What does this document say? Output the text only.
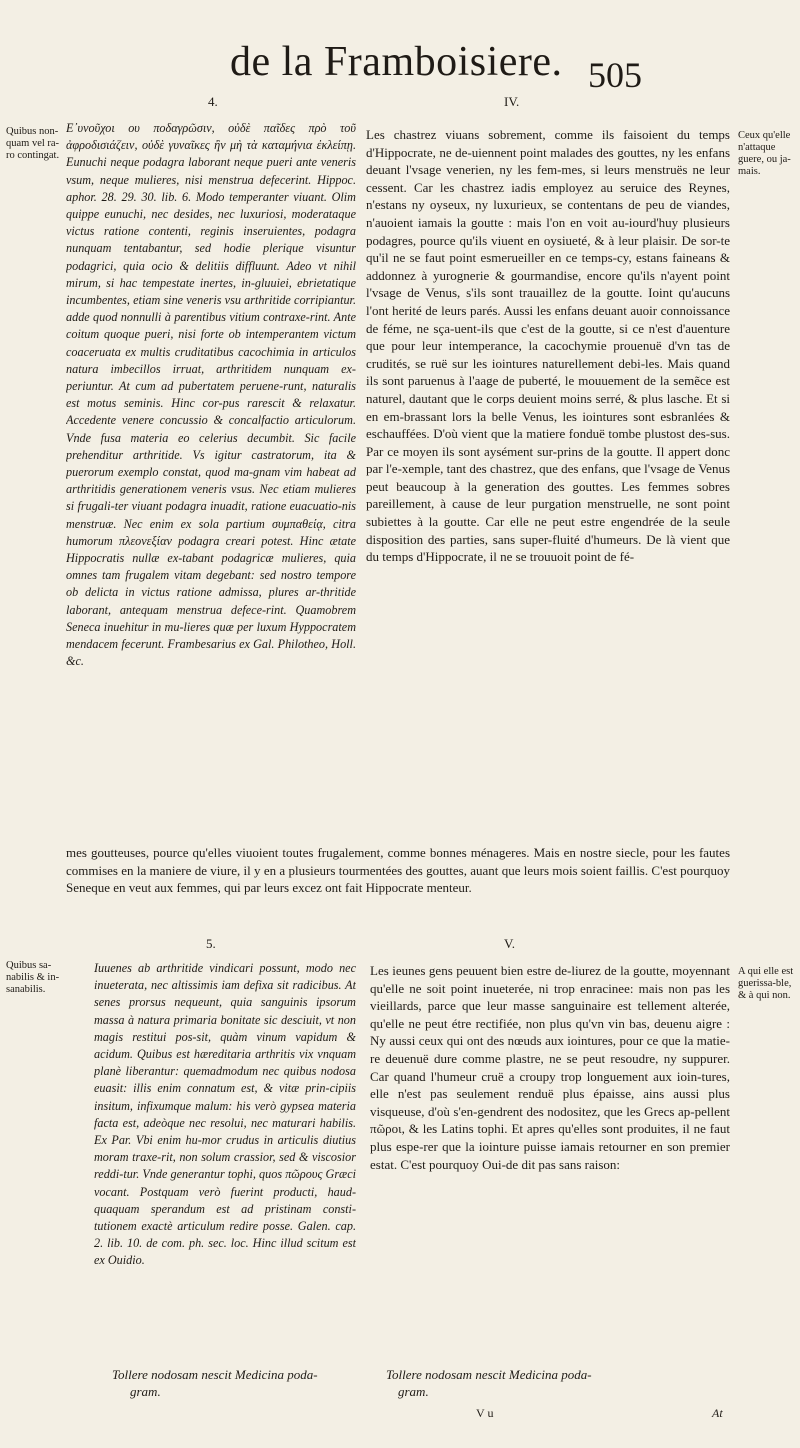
de la Framboisiere. 505
4.	IV.
Quibus non-quam vel ra-ro contingat.
Ceux qu'elle n'attaque guere, ou ja-mais.

Ε᾽υνοῦχοι ου ποδαγρῶσιν, οὐδὲ παῖδες πρὸ τοῦ ἀφροδισιάζειν, οὐδὲ γυναῖκες ἢν μὴ τὰ καταμήνια ἐκλείπῃ. Eunuchi neque podagra laborant neque pueri ante veneris vsum, neque mulieres, nisi menstrua defecerint. Hippoc. aphor. 28. 29. 30. lib. 6. Modo temperanter viuant. Olim quippe eunuchi, nec desides, nec luxuriosi, moderataque victus ratione contenti, reginis inseruientes, podagra nunquam tentabantur, sed hodie plerique visuntur podagrici, quia ocio & delitiis diffluunt. Adeo vt nihil mirum, si hac tempestate inertes, in-gluuiei, ebrietatique incumbentes, etiam sine veneris vsu arthritide corripiantur. adde quod nonnulli à parentibus vitium contraxe-rint. Ante coitum quoque pueri, nisi forte ob intemperantem victum coaceruata ex multis cruditatibus cacochimia in articulos natura imbecillos irruat, arthritidem nunquam ex-periuntur. At cum ad pubertatem peruene-runt, naturalis est motus seminis. Hinc cor-pus rarescit & relaxatur. Accedente venere concussio & concalfactio articulorum. Vnde fusa materia eo celerius decumbit. Sic facile prehenditur arthritide. Vs igitur castratorum, ita & puerorum exemplo constat, quod ma-gnam vim habeat ad arthritidis generationem veneris vsus. Nec etiam mulieres si frugali-ter viuant podagra inuadit, ratione euacuatio-nis menstruæ. Nec enim ex sola partium συμπαθείᾳ, citra humorum πλεονεξίαν podagra creari potest. Hinc ætate Hippocratis nullæ ex-tabant podagricæ mulieres, quia omnes tam frugalem vitam degebant: sed nostro tempore ob delicta in victus ratione admissa, plures ar-thritide laborant, antequam menstrua defece-rint. Quamobrem Seneca inuehitur in mu-lieres quæ per luxum Hyppocratem mendacem fecerunt. Frambesarius ex Gal. Philotheo, Holl. &c.

Les chastrez viuans sobrement, comme ils faisoient du temps d'Hippocrate, ne de-uiennent point malades des gouttes, ny les enfans deuant l'vsage venerien, ny les fem-mes, si leurs menstruës ne leur cessent. Car les chastrez iadis employez au seruice des Reynes, n'estans ny oyseux, ny luxurieux, se contentans de peu de viandes, n'auoient iamais la goutte : mais l'on en voit au-iourd'huy plusieurs podagres, pource qu'ils viuent en oysiueté, & à leur plaisir. De sor-te qu'il ne se faut point esmerueiller en ce temps-cy, estans faineans & addonnez à yurognerie & gourmandise, encore qu'ils n'ayent point l'vsage de Venus, s'ils sont trauaillez de la goutte. Ioint qu'aucuns l'ont herité de leurs parés. Aussi les enfans deuant auoir connoissance de féme, ne sça-uent-ils que c'est de la goutte, si ce n'est d'auenture que pour leur intemperance, la cacochymie prouenuë d'vn tas de crudités, se ruë sur les iointures naturellement debi-les. Mais quand ils sont paruenus à l'aage de puberté, le mouuement de la semẽce est naturel, dautant que le corps deuient moins serré, & plus lasche. Et si en em-brassant lors la belle Venus, les iointures sont esbranlées & eschauffées. D'où vient que la matiere fonduë tombe plustost des-sus. Par ce moyen ils sont aysément sur-prins de la goutte. Il appert donc par l'e-xemple, tant des chastrez, que des enfans, que l'vsage de Venus peut beaucoup à la generation des gouttes. Les femmes sobres pareillement, à cause de leur purgation menstruelle, ne sont point subiettes à la goutte. Car elle ne peut estre engendrée de la seule disposition des parties, sans super-fluité d'humeurs. De là vient que du temps d'Hippocrate, il ne se trouuoit point de fé-

mes goutteuses, pource qu'elles viuoient toutes frugalement, comme bonnes ménageres. Mais en nostre siecle, pour les fautes commises en la maniere de viure, il y en a plusieurs tourmentées des gouttes, auant que leurs mois soient faillis. C'est pourquoy Seneque en veut aux femmes, qui par leurs excez ont fait Hippocrate menteur.

5.	V.
Quibus sa-nabilis & in-sanabilis.
A qui elle est guerissa-ble, & à qui non.

Iuuenes ab arthritide vindicari possunt, modo nec inueterata, nec altissimis iam defixa sit radicibus. At senes prorsus nequeunt, quia sanguinis ipsorum massa à natura primaria bonitate sic desciuit, vt non magis restitui pos-sit, quàm vinum vapidum & acidum. Quibus est hæreditaria arthritis vix vnquam planè liberantur: quemadmodum nec quibus nodosa euasit: illis enim connatum est, & vitæ prin-cipiis insitum, infixumque malum: his verò gypsea materia facta est, adeòque nec resolui, nec maturari habilis. Ex Par. Vbi enim hu-mor crudus in articulis diutius moram traxe-rit, non solum crassior, sed & viscosior reddi-tur. Vnde generantur tophi, quos πῶρους Græci vocant. Postquam verò fuerint producti, haud-quaquam sperandum est ad pristinam consti-tutionem exactè articulum redire posse. Galen. cap. 2. lib. 10. de com. ph. sec. loc. Hinc illud scitum est ex Ouidio.

Tollere nodosam nescit Medicina poda-
gram.

Les ieunes gens peuuent bien estre de-liurez de la goutte, moyennant qu'elle ne soit point inueterée, ni trop enracinee: mais non pas les vieillards, parce que leur masse sanguinaire est tellement alterée, qu'elle ne peut étre rectifiée, non plus qu'vn vin bas, deuenu aigre : Ny aussi ceux qui ont des nœuds aux iointures, pour ce que la matie-re deuenuë dure comme plastre, ne se peut resoudre, ny suppurer. Car quand l'humeur cruë a croupy trop longuement aux ioin-tures, elle n'est pas seulement renduë plus épaisse, ains aussi plus visqueuse, d'où s'en-gendrent des nodositez, que les Grecs ap-pellent πῶροι, & les Latins tophi. Et apres qu'elles sont produites, il ne faut plus espe-rer que la iointure puisse iamais retourner en son premier estat. C'est pourquoy Oui-de dit pas sans raison:

Tollere nodosam nescit Medicina poda-
gram.
V u	At
